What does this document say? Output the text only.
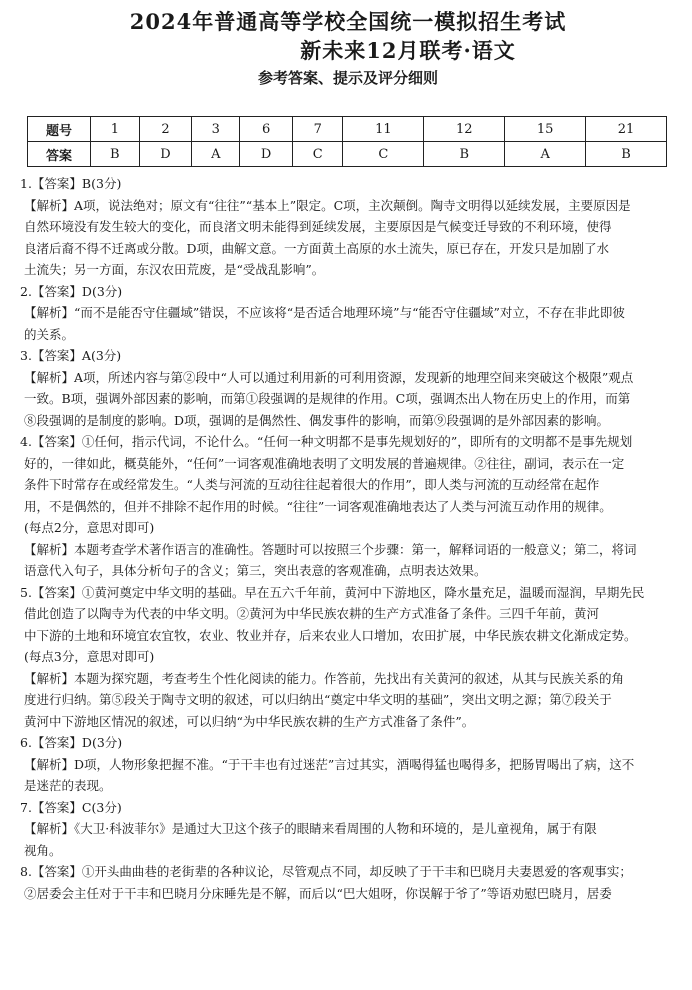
2024年普通高等学校全国统一模拟招生考试
新未来12月联考·语文
参考答案、提示及评分细则
题号	1	2	3	6	7	11	12	15	21
答案	B	D	A	D	C	C	B	A	B
1.【答案】B(3分)
【解析】A项，说法绝对；原文有“往往”“基本上”限定。C项，主次颠倒。陶寺文明得以延续发展，主要原因是
自然环境没有发生较大的变化，而良渚文明未能得到延续发展，主要原因是气候变迁导致的不利环境，使得
良渚后裔不得不迁离或分散。D项，曲解文意。一方面黄土高原的水土流失，原已存在，开发只是加剧了水
土流失；另一方面，东汉农田荒废，是“受战乱影响”。
2.【答案】D(3分)
【解析】“而不是能否守住疆域”错误，不应该将“是否适合地理环境”与“能否守住疆域”对立，不存在非此即彼
的关系。
3.【答案】A(3分)
【解析】A项，所述内容与第②段中“人可以通过利用新的可利用资源，发现新的地理空间来突破这个极限”观点
一致。B项，强调外部因素的影响，而第①段强调的是规律的作用。C项，强调杰出人物在历史上的作用，而第
⑧段强调的是制度的影响。D项，强调的是偶然性、偶发事件的影响，而第⑨段强调的是外部因素的影响。
4.【答案】①任何，指示代词，不论什么。“任何一种文明都不是事先规划好的”，即所有的文明都不是事先规划
好的，一律如此，概莫能外，“任何”一词客观准确地表明了文明发展的普遍规律。②往往，副词，表示在一定
条件下时常存在或经常发生。“人类与河流的互动往往起着很大的作用”，即人类与河流的互动经常在起作
用，不是偶然的，但并不排除不起作用的时候。“往往”一词客观准确地表达了人类与河流互动作用的规律。
(每点2分，意思对即可)
【解析】本题考查学术著作语言的准确性。答题时可以按照三个步骤：第一，解释词语的一般意义；第二，将词
语意代入句子，具体分析句子的含义；第三，突出表意的客观准确，点明表达效果。
5.【答案】①黄河奠定中华文明的基础。早在五六千年前，黄河中下游地区，降水量充足，温暖而湿润，早期先民
借此创造了以陶寺为代表的中华文明。②黄河为中华民族农耕的生产方式准备了条件。三四千年前，黄河
中下游的土地和环境宜农宜牧，农业、牧业并存，后来农业人口增加，农田扩展，中华民族农耕文化渐成定势。
(每点3分，意思对即可)
【解析】本题为探究题，考查考生个性化阅读的能力。作答前，先找出有关黄河的叙述，从其与民族关系的角
度进行归纳。第⑤段关于陶寺文明的叙述，可以归纳出“奠定中华文明的基础”，突出文明之源；第⑦段关于
黄河中下游地区情况的叙述，可以归纳“为中华民族农耕的生产方式准备了条件”。
6.【答案】D(3分)
【解析】D项，人物形象把握不准。“于干丰也有过迷茫”言过其实，酒喝得猛也喝得多，把肠胃喝出了病，这不
是迷茫的表现。
7.【答案】C(3分)
【解析】《大卫·科波菲尔》是通过大卫这个孩子的眼睛来看周围的人物和环境的，是儿童视角，属于有限
视角。
8.【答案】①开头曲曲巷的老街辈的各种议论，尽管观点不同，却反映了于干丰和巴晓月夫妻恩爱的客观事实；
②居委会主任对于干丰和巴晓月分床睡先是不解，而后以“巴大姐呀，你误解于爷了”等语劝慰巴晓月，居委
